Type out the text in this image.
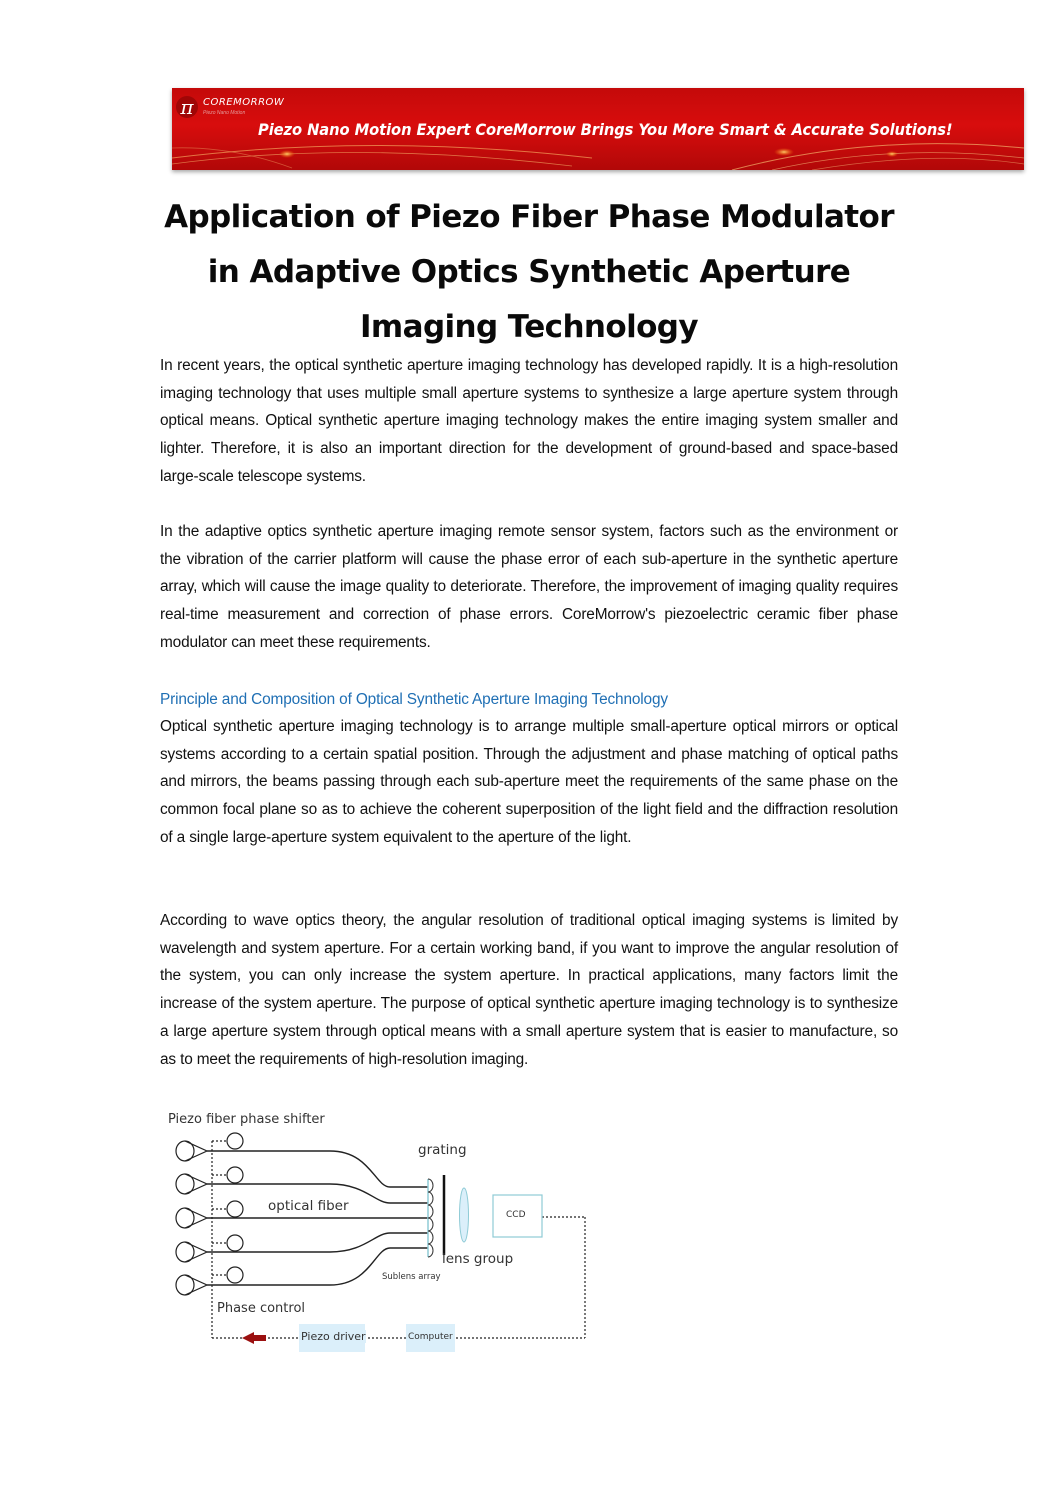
π COREMORROW
Piezo Nano Motion
Piezo Nano Motion Expert CoreMorrow Brings You More Smart & Accurate Solutions!
Application of Piezo Fiber Phase Modulator
in Adaptive Optics Synthetic Aperture
Imaging Technology

In recent years, the optical synthetic aperture imaging technology has developed rapidly. It is a high-resolution imaging technology that uses multiple small aperture systems to synthesize a large aperture system through optical means. Optical synthetic aperture imaging technology makes the entire imaging system smaller and lighter. Therefore, it is also an important direction for the development of ground-based and space-based large-scale telescope systems.

In the adaptive optics synthetic aperture imaging remote sensor system, factors such as the environment or the vibration of the carrier platform will cause the phase error of each sub-aperture in the synthetic aperture array, which will cause the image quality to deteriorate. Therefore, the improvement of imaging quality requires real-time measurement and correction of phase errors. CoreMorrow's piezoelectric ceramic fiber phase modulator can meet these requirements.

Principle and Composition of Optical Synthetic Aperture Imaging Technology

Optical synthetic aperture imaging technology is to arrange multiple small-aperture optical mirrors or optical systems according to a certain spatial position. Through the adjustment and phase matching of optical paths and mirrors, the beams passing through each sub-aperture meet the requirements of the same phase on the common focal plane so as to achieve the coherent superposition of the light field and the diffraction resolution of a single large-aperture system equivalent to the aperture of the light.

According to wave optics theory, the angular resolution of traditional optical imaging systems is limited by wavelength and system aperture. For a certain working band, if you want to improve the angular resolution of the system, you can only increase the system aperture. In practical applications, many factors limit the increase of the system aperture. The purpose of optical synthetic aperture imaging technology is to synthesize a large aperture system through optical means with a small aperture system that is easier to manufacture, so as to meet the requirements of high-resolution imaging.

Piezo fiber phase shifter
grating
optical fiber
CCD
lens group
Sublens array
Phase control
Piezo driver	Computer
